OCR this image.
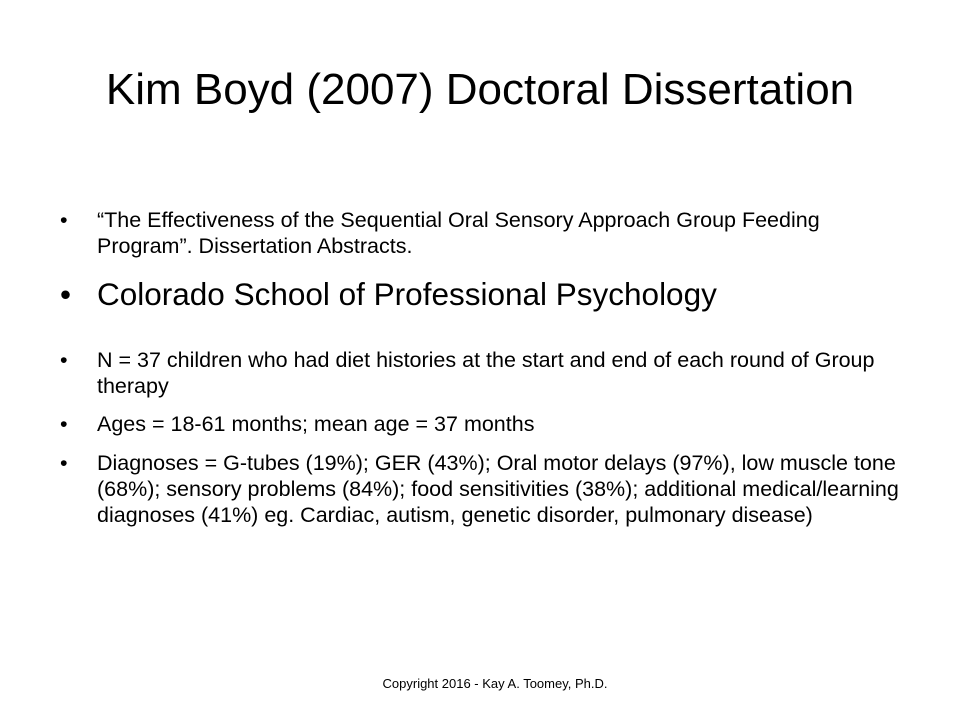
Kim Boyd (2007) Doctoral Dissertation
• “The Effectiveness of the Sequential Oral Sensory Approach Group Feeding Program”. Dissertation Abstracts.
• Colorado School of Professional Psychology
• N = 37 children who had diet histories at the start and end of each round of Group therapy
• Ages = 18-61 months; mean age = 37 months
• Diagnoses = G-tubes (19%); GER (43%); Oral motor delays (97%), low muscle tone (68%); sensory problems (84%); food sensitivities (38%); additional medical/learning diagnoses (41%) eg. Cardiac, autism, genetic disorder, pulmonary disease)
Copyright 2016 - Kay A. Toomey, Ph.D.
